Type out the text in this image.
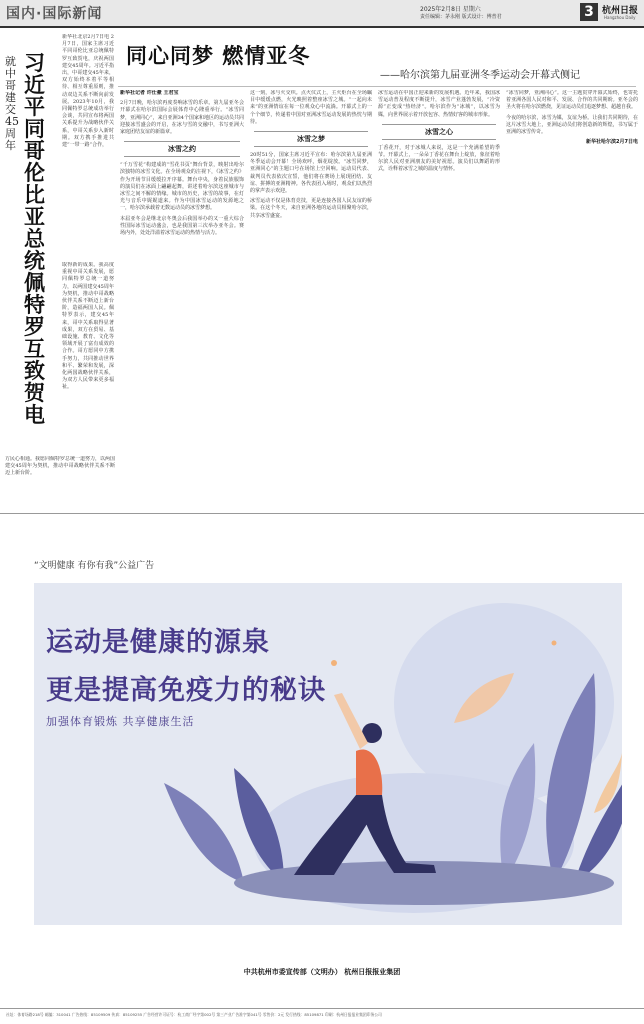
国内·国际新闻	2025年2月8日 星期六
责任编辑：茅永刚 版式设计：傅普君	3 杭州日报
Hangzhou Daily
就中哥建交45周年
习近平同哥伦比亚总统佩特罗互致贺电
新华社北京2月7日电 2月7日，国家主席习近平同哥伦比亚总统佩特罗互致贺电，庆祝两国建交45周年。习近平指出，中哥建交45年来，双方始终本着平等相待、相互尊重原则，推动双边关系不断向前发展。2023年10月，我同佩特罗总统成功举行会谈，共同宣布将两国关系提升为战略伙伴关系，中哥关系步入新时期。双方携手推进共建“一带一路”合作，
取得新的成果。我高度重视中哥关系发展，愿同佩特罗总统一道努力，以两国建交45周年为契机，推动中哥战略伙伴关系不断迈上新台阶，造福两国人民。佩特罗表示，建交45年来，哥中关系取得显著成果，双方在贸易、基础设施、教育、文化等领域开展了富有成效的合作。哥方愿同中方携手努力，共同推动世界和平、繁荣和发展，深化两国战略伙伴关系，为双方人民带来更多福祉。
方民心相通。我愿同佩特罗总统一道努力，以两国建交45周年为契机，推动中哥战略伙伴关系不断迈上新台阶。
同心同梦 燃情亚冬
——哈尔滨第九届亚洲冬季运动会开幕式侧记
新华社记者 许仕豪 王君宝
2月7日晚，哈尔滨再度奏响冰雪的乐章。第九届亚冬会开幕式在哈尔滨国际会展体育中心隆重举行。“冰雪同梦，亚洲同心”，来自亚洲34个国家和地区的运动员共同迎接冰雪盛会的开启，在冰与雪的交融中，书写亚洲大家庭团结友谊的新篇章。
冰雪之约
“千万雪花”构建成的“雪花书页”舞台背景，映射出哈尔滨独特的冰雪文化。在全场观众的注视下，《冰雪之约》作为开场节目缓缓拉开序幕。舞台中央，身着民族服饰的演员们在冰面上翩翩起舞，讲述着哈尔滨这座城市与冰雪之间不解的情缘。城市的历史，冰雪的故事，在灯光与音乐中娓娓道来。作为中国冰雪运动的发源地之一，哈尔滨承载着无数运动员的冰雪梦想。
本届亚冬会是继北京冬奥会后我国举办的又一重大综合性国际冰雪运动盛会，也是我国第三次举办亚冬会。赛场内外，处处洋溢着冰雪运动的热情与活力。
这一刻，冰与火交织。点火仪式上，主火炬台在全场瞩目中缓缓点燃，火光映照着整座冰雪之城。“一起向未来”的亚洲情谊在每一位观众心中流淌。开幕式上的一个个细节，传递着中国对亚洲冰雪运动发展的热忱与期待。
冰雪之梦
20时51分，国家主席习近平宣布：哈尔滨第九届亚洲冬季运动会开幕！全场欢呼，烟花绽放。“冰雪同梦，亚洲同心”的主题口号在场馆上空回响。运动员代表、裁判员代表依次宣誓，他们将在赛场上展现团结、友谊、拼搏的亚洲精神。各代表团入场时，观众们以热烈的掌声表示欢迎。
冰雪运动不仅是体育竞技，更是连接各国人民友谊的桥梁。在这个冬天，来自亚洲各地的运动员相聚哈尔滨，共享冰雪盛宴。
冰雪运动在中国正迎来新的发展机遇。近年来，我国冰雪运动普及程度不断提升，冰雪产业蓬勃发展，“冷资源”正变成“热经济”。哈尔滨作为“冰城”，以冰雪为媒，向世界展示着开放包容、热情好客的城市形象。
冰雪之心
丁香花开，对于冰城人来说，这是一个充满希望的季节。开幕式上，一朵朵丁香花在舞台上绽放，象征着哈尔滨人民对亚洲朋友的美好祝愿。演员们以舞蹈的形式，诠释着冰雪之城的温度与情怀。
“冰雪同梦，亚洲同心”。这一主题贯穿开幕式始终，也寄托着亚洲各国人民对和平、发展、合作的共同期盼。亚冬会的圣火将在哈尔滨燃烧，见证运动员们追逐梦想、超越自我。
今夜的哈尔滨，冰雪为媒，友谊为桥。让我们共同期待，在这片冰雪大地上，亚洲运动员们将创造新的辉煌，书写属于亚洲的冰雪传奇。
新华社哈尔滨2月7日电
“文明健康 有你有我”公益广告
运动是健康的源泉
更是提高免疫力的秘诀
加强体育锻炼 共享健康生活
中共杭州市委宣传部（文明办） 杭州日报报业集团
社址：体育场路218号 邮编：310041 广告热线：85109509 传真：85109255 广告经营许可证号：杭工商广经字第002号 第三产业广告准字第041号 零售价：2元 发行热线：85109871 印刷：杭州日报报业集团印务公司
